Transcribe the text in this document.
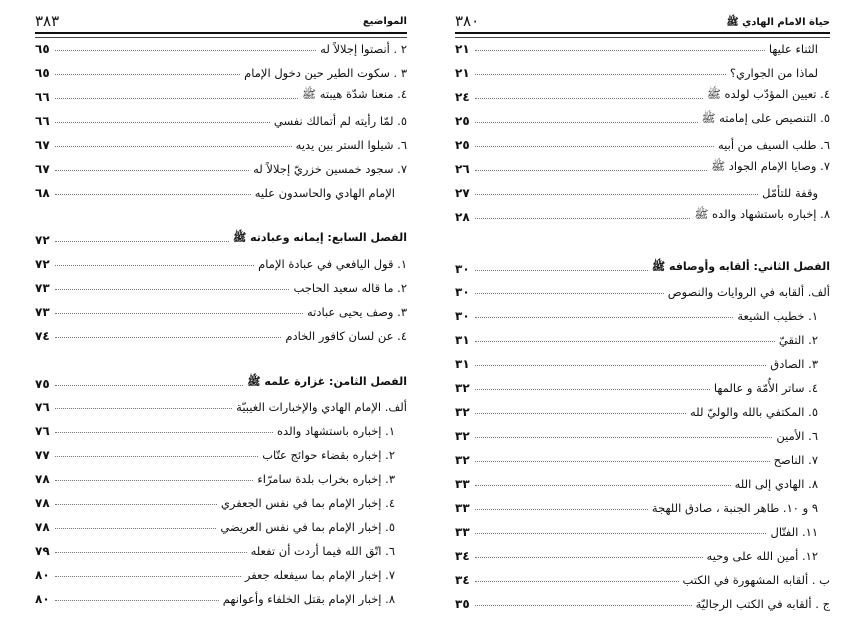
المواضيع
٣٨٣
٢ . أنصتوا إجلالاً له
٦٥
٣ . سكوت الطير حين دخول الإمام
٦٥
٤. منعنا شدّة هيبته ﷺ
٦٦
٥. لمّا رأيته لم أتمالك نفسي
٦٦
٦. شيلوا الستر بين يديه
٦٧
٧. سجود خمسين خزريّ إجلالاً له
٦٧
الإمام الهادي والحاسدون عليه
٦٨
الفصل السابع: إيمانه وعبادته ﷺ
٧٢
١. قول اليافعي في عبادة الإمام
٧٢
٢. ما قاله سعيد الحاجب
٧٣
٣. وصف يحيى عبادته
٧٣
٤. عن لسان كافور الخادم
٧٤
الفصل الثامن: غزارة علمه ﷺ
٧٥
ألف. الإمام الهادي والإخبارات الغيبيّة
٧٦
١. إخباره باستشهاد والده
٧٦
٢. إخباره بقضاء حوائج عتّاب
٧٧
٣. إخباره بخراب بلدة سامرّاء
٧٨
٤. إخبار الإمام بما في نفس الجعفري
٧٨
٥. إخبار الإمام بما في نفس العريضي
٧٨
٦. اتّق الله فيما أردت أن تفعله
٧٩
٧. إخبار الإمام بما سيفعله جعفر
٨٠
٨. إخبار الإمام بقتل الخلفاء وأعوانهم
٨٠
حياة الامام الهادي ﷺ
٣٨٠
الثناء عليها
٢١
لماذا من الجواري؟
٢١
٤. تعيين المؤدّب لولده ﷺ
٢٤
٥. التنصيص على إمامته ﷺ
٢٥
٦. طلب السيف من أبيه
٢٥
٧. وصايا الإمام الجواد ﷺ
٢٦
وقفة للتأمّل
٢٧
٨. إخباره باستشهاد والده ﷺ
٢٨
الفصل الثاني: ألقابه وأوصافه ﷺ
٣٠
ألف. ألقابه في الروايات والنصوص
٣٠
١. خطيب الشيعة
٣٠
٢. التقيّ
٣١
٣. الصادق
٣١
٤. ساتر الأُمّة و عالمها
٣٢
٥. المكتفي بالله والوليّ لله
٣٢
٦. الأمين
٣٢
٧. الناصح
٣٢
٨. الهادي إلى الله
٣٣
٩ و ١٠. طاهر الجنبة ، صادق اللهجة
٣٣
١١. الفتّال
٣٣
١٢. أمين الله على وحيه
٣٤
ب . ألقابه المشهورة في الكتب
٣٤
ج . ألقابه في الكتب الرجاليّة
٣٥
